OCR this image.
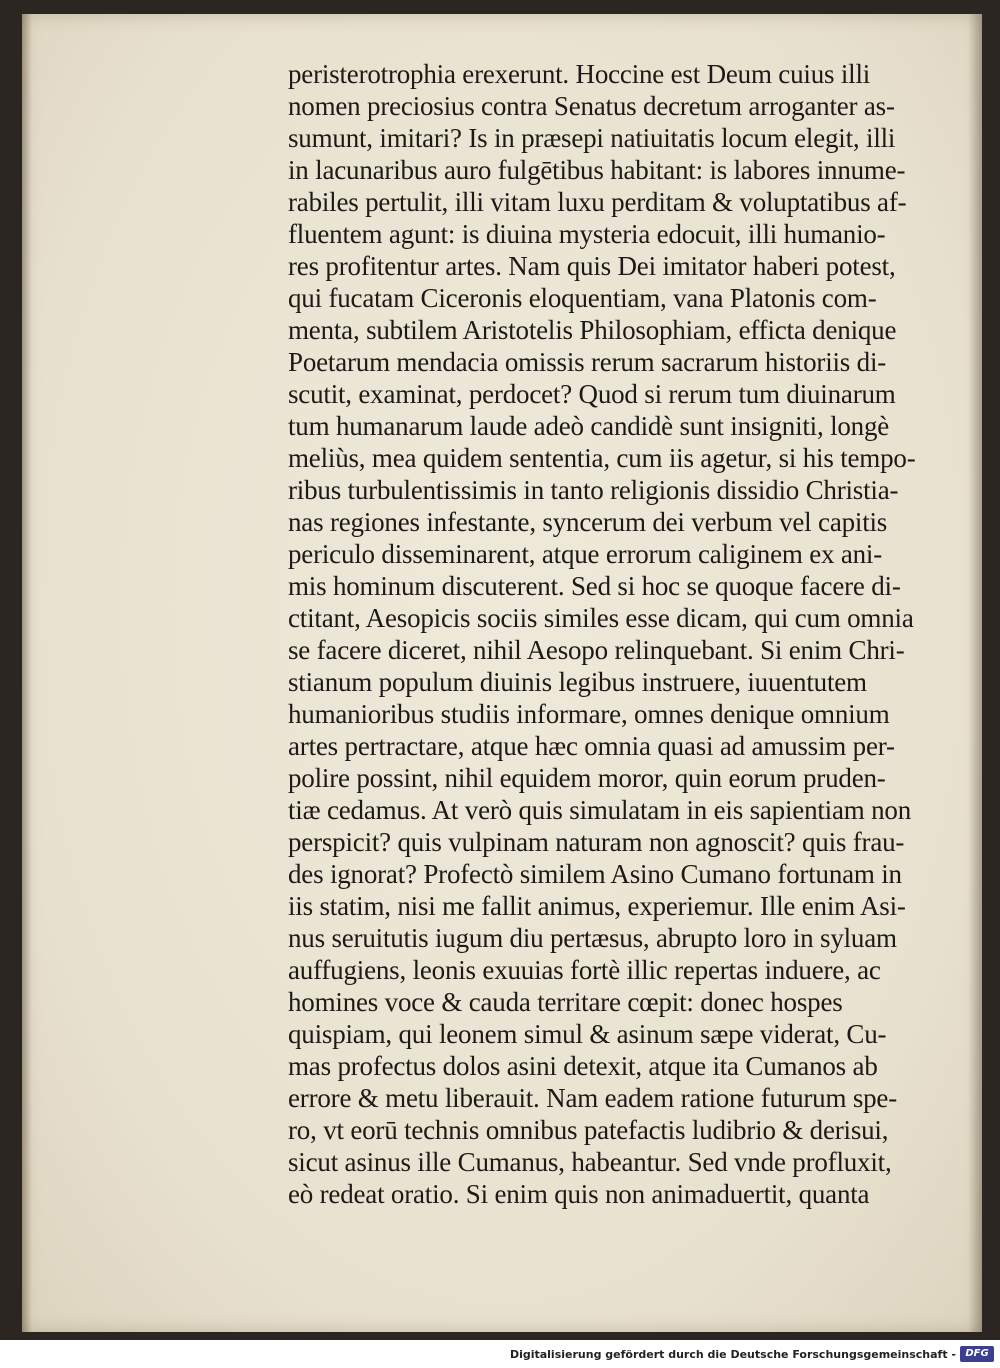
peristerotrophia erexerunt. Hoccine est Deum cuius illi
nomen preciosius contra Senatus decretum arroganter as-
sumunt, imitari? Is in præsepi natiuitatis locum elegit, illi
in lacunaribus auro fulgētibus habitant: is labores innume-
rabiles pertulit, illi vitam luxu perditam & voluptatibus af-
fluentem agunt: is diuina mysteria edocuit, illi humanio-
res profitentur artes. Nam quis Dei imitator haberi potest,
qui fucatam Ciceronis eloquentiam, vana Platonis com-
menta, subtilem Aristotelis Philosophiam, efficta denique
Poetarum mendacia omissis rerum sacrarum historiis di-
scutit, examinat, perdocet? Quod si rerum tum diuinarum
tum humanarum laude adeò candidè sunt insigniti, longè
meliùs, mea quidem sententia, cum iis agetur, si his tempo-
ribus turbulentissimis in tanto religionis dissidio Christia-
nas regiones infestante, syncerum dei verbum vel capitis
periculo disseminarent, atque errorum caliginem ex ani-
mis hominum discuterent. Sed si hoc se quoque facere di-
ctitant, Aesopicis sociis similes esse dicam, qui cum omnia
se facere diceret, nihil Aesopo relinquebant. Si enim Chri-
stianum populum diuinis legibus instruere, iuuentutem
humanioribus studiis informare, omnes denique omnium
artes pertractare, atque hæc omnia quasi ad amussim per-
polire possint, nihil equidem moror, quin eorum pruden-
tiæ cedamus. At verò quis simulatam in eis sapientiam non
perspicit? quis vulpinam naturam non agnoscit? quis frau-
des ignorat? Profectò similem Asino Cumano fortunam in
iis statim, nisi me fallit animus, experiemur. Ille enim Asi-
nus seruitutis iugum diu pertæsus, abrupto loro in syluam
auffugiens, leonis exuuias fortè illic repertas induere, ac
homines voce & cauda territare cœpit: donec hospes
quispiam, qui leonem simul & asinum sæpe viderat, Cu-
mas profectus dolos asini detexit, atque ita Cumanos ab
errore & metu liberauit. Nam eadem ratione futurum spe-
ro, vt eorū technis omnibus patefactis ludibrio & derisui,
sicut asinus ille Cumanus, habeantur. Sed vnde profluxit,
eò redeat oratio. Si enim quis non animaduertit, quanta
Digitalisierung gefördert durch die Deutsche Forschungsgemeinschaft - DFG
